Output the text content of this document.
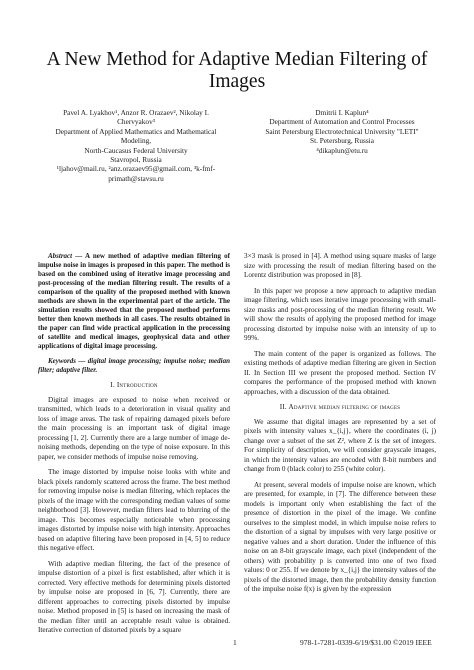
A New Method for Adaptive Median Filtering of Images
Pavel A. Lyakhov¹, Anzor R. Orazaev², Nikolay I.
Chervyakov³
Department of Applied Mathematics and Mathematical
Modeling,
North-Caucasus Federal University
Stavropol, Russia
¹ljahov@mail.ru, ²anz.orazaev95@gmail.com, ³k-fmf-
primath@stavsu.ru
Dmitrii I. Kaplun⁴
Department of Automation and Control Processes
Saint Petersburg Electrotechnical University "LETI"
St. Petersburg, Russia
⁴dikaplun@etu.ru

Abstract — A new method of adaptive median filtering of impulse noise in images is proposed in this paper. The method is based on the combined using of iterative image processing and post-processing of the median filtering result. The results of a comparison of the quality of the proposed method with known methods are shown in the experimental part of the article. The simulation results showed that the proposed method performs better then known methods in all cases. The results obtained in the paper can find wide practical application in the processing of satellite and medical images, geophysical data and other applications of digital image processing.

Keywords — digital image processing; impulse noise; median filter; adaptive filter.

I. Introduction

Digital images are exposed to noise when received or transmitted, which leads to a deterioration in visual quality and loss of image areas. The task of repairing damaged pixels before the main processing is an important task of digital image processing [1, 2]. Currently there are a large number of image de-noising methods, depending on the type of noise exposure. In this paper, we consider methods of impulse noise removing.

The image distorted by impulse noise looks with white and black pixels randomly scattered across the frame. The best method for removing impulse noise is median filtering, which replaces the pixels of the image with the corresponding median values of some neighborhood [3]. However, median filters lead to blurring of the image. This becomes especially noticeable when processing images distorted by impulse noise with high intensity. Approaches based on adaptive filtering have been proposed in [4, 5] to reduce this negative effect.

With adaptive median filtering, the fact of the presence of impulse distortion of a pixel is first established, after which it is corrected. Very effective methods for determining pixels distorted by impulse noise are proposed in [6, 7]. Currently, there are different approaches to correcting pixels distorted by impulse noise. Method proposed in [5] is based on increasing the mask of the median filter until an acceptable result value is obtained. Iterative correction of distorted pixels by a square

3×3 mask is prosed in [4]. A method using square masks of large size with processing the result of median filtering based on the Lorentz distribution was proposed in [8].

In this paper we propose a new approach to adaptive median image filtering, which uses iterative image processing with small-size masks and post-processing of the median filtering result. We will show the results of applying the proposed method for image processing distorted by impulse noise with an intensity of up to 99%.

The main content of the paper is organized as follows. The existing methods of adaptive median filtering are given in Section II. In Section III we present the proposed method. Section IV compares the performance of the proposed method with known approaches, with a discussion of the data obtained.

II. Adaptive median filtering of images

We assume that digital images are represented by a set of pixels with intensity values x_{i,j}, where the coordinates (i, j) change over a subset of the set Z², where Z is the set of integers. For simplicity of description, we will consider grayscale images, in which the intensity values are encoded with 8-bit numbers and change from 0 (black color) to 255 (white color).

At present, several models of impulse noise are known, which are presented, for example, in [7]. The difference between these models is important only when establishing the fact of the presence of distortion in the pixel of the image. We confine ourselves to the simplest model, in which impulse noise refers to the distortion of a signal by impulses with very large positive or negative values and a short duration. Under the influence of this noise on an 8-bit grayscale image, each pixel (independent of the others) with probability p is converted into one of two fixed values: 0 or 255. If we denote by x_{i,j} the intensity values of the pixels of the distorted image, then the probability density function of the impulse noise f(x) is given by the expression

1	978-1-7281-0339-6/19/$31.00 ©2019 IEEE
